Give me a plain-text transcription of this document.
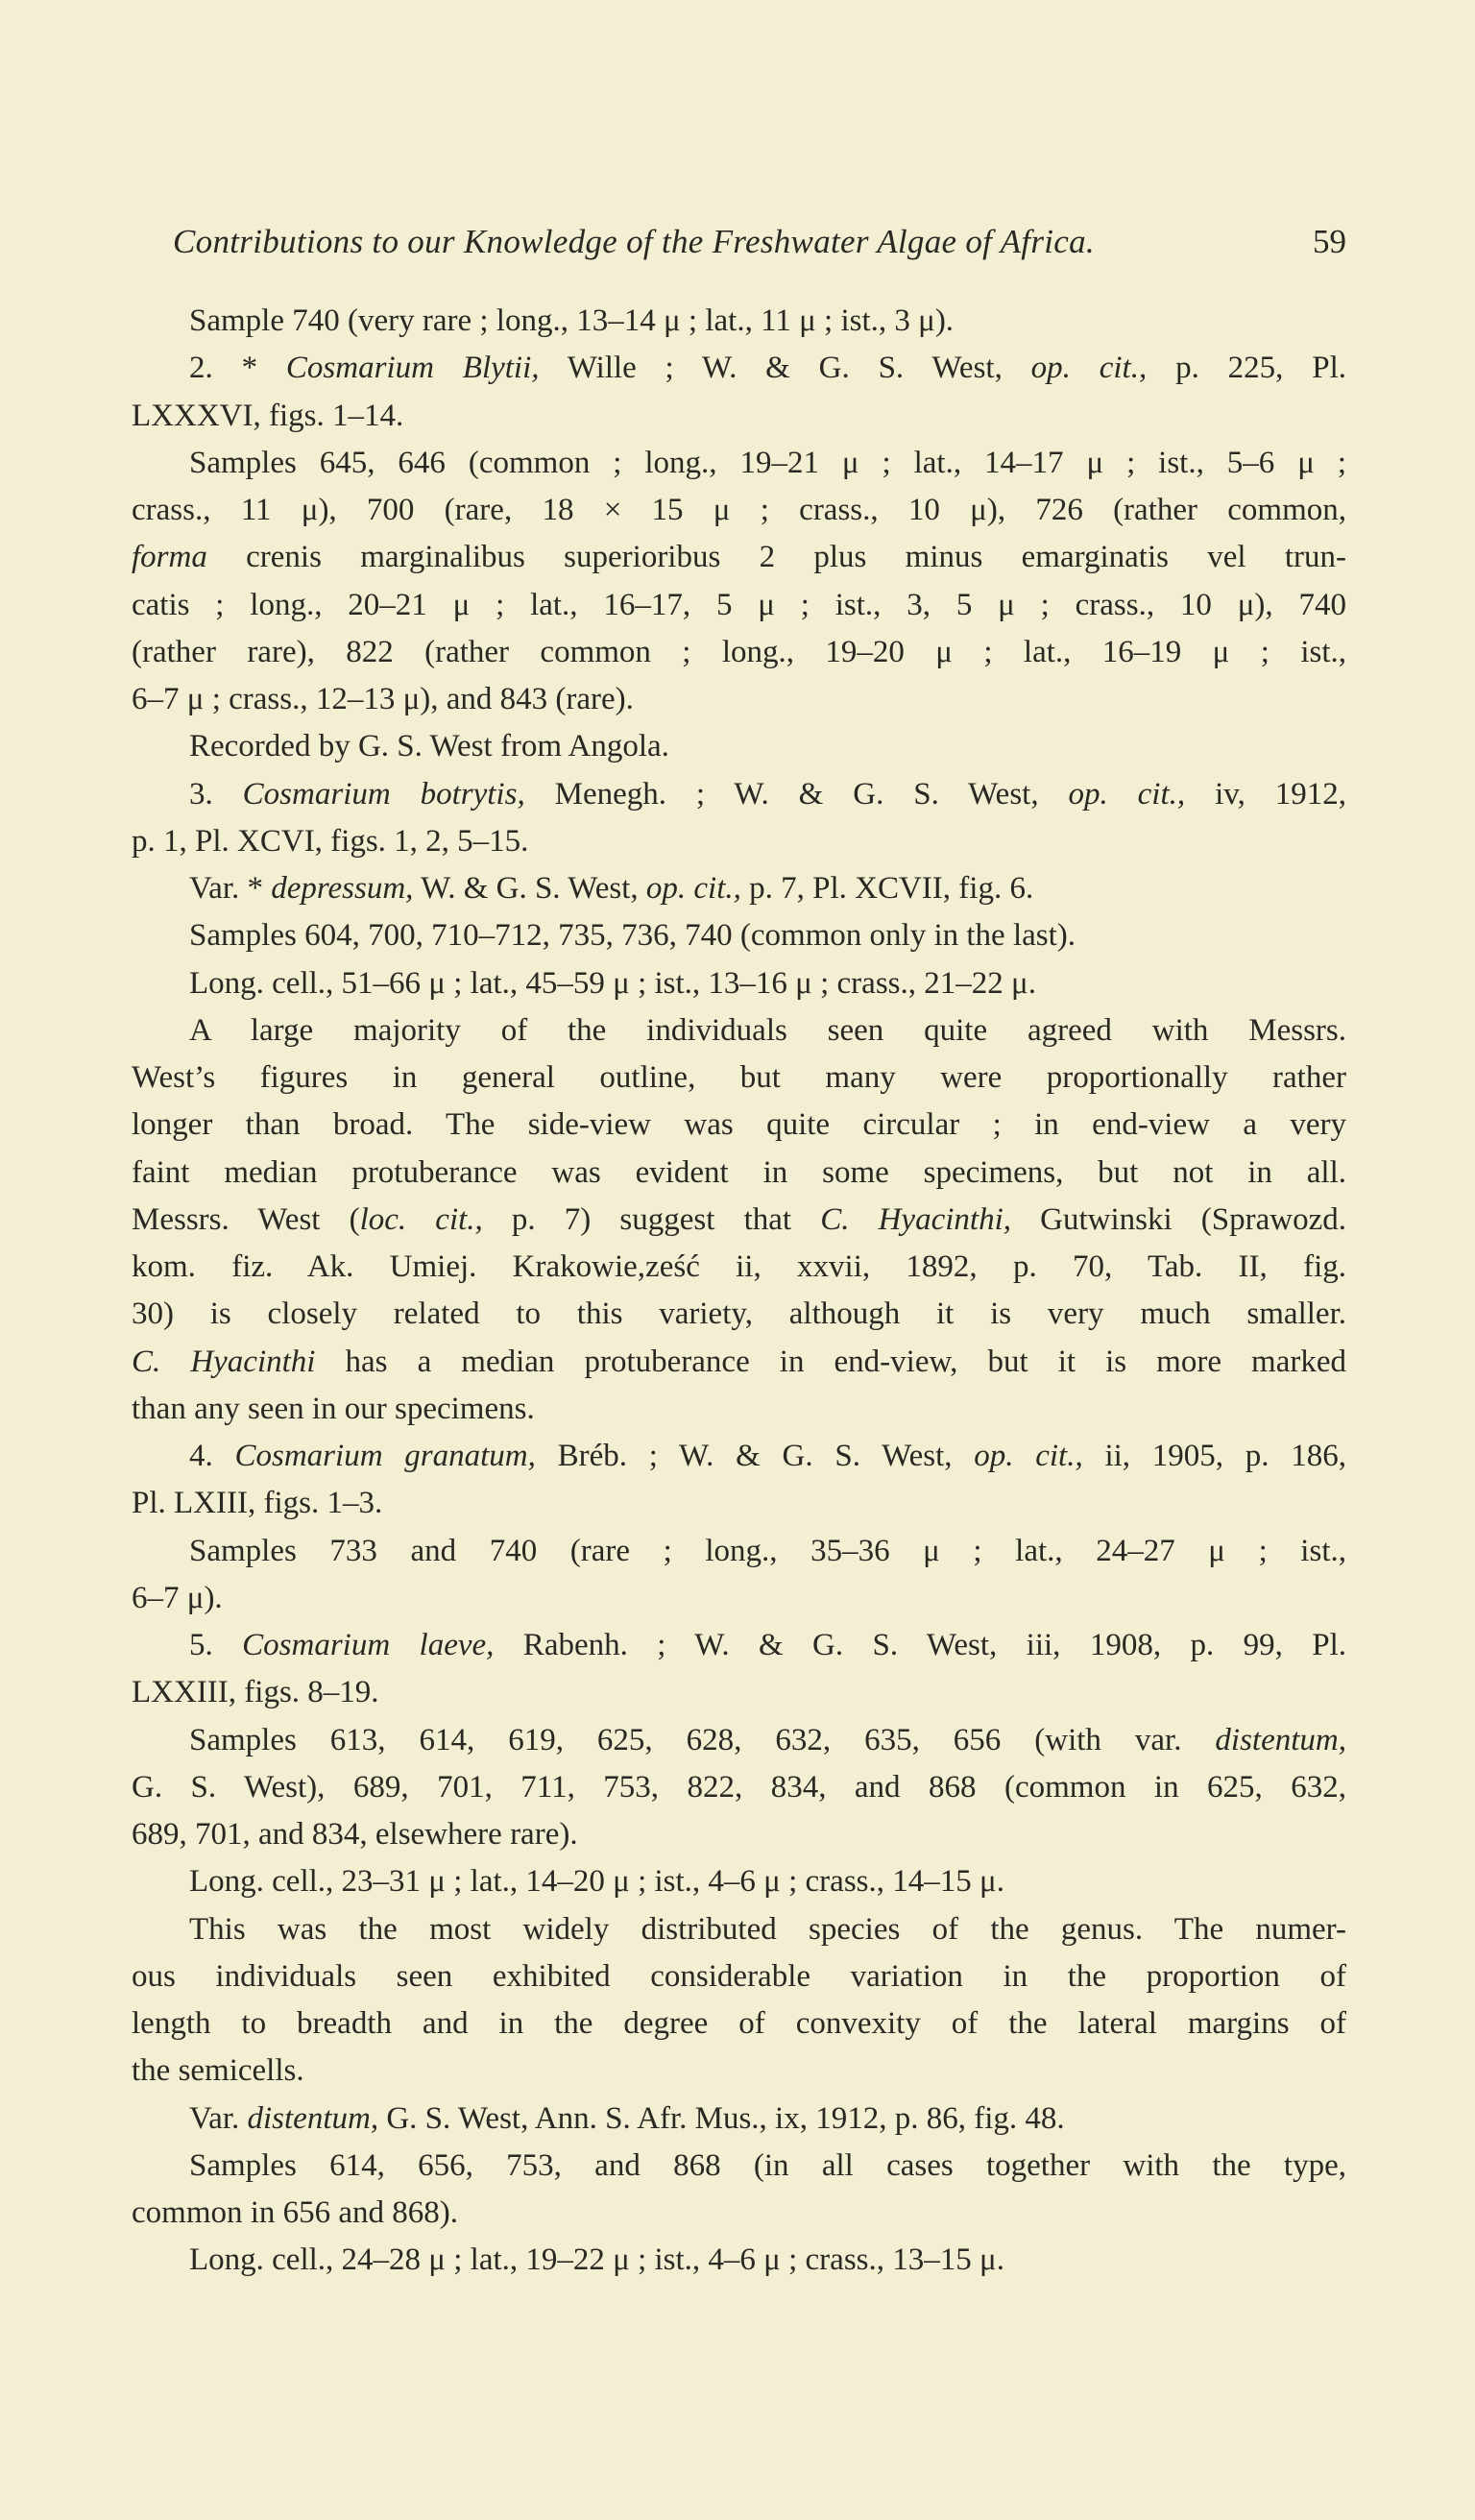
Contributions to our Knowledge of the Freshwater Algae of Africa.	59
Sample 740 (very rare ; long., 13–14 μ ; lat., 11 μ ; ist., 3 μ).
2. * Cosmarium Blytii, Wille ; W. & G. S. West, op. cit., p. 225, Pl.
LXXXVI, figs. 1–14.
Samples 645, 646 (common ; long., 19–21 μ ; lat., 14–17 μ ; ist., 5–6 μ ;
crass., 11 μ), 700 (rare, 18 × 15 μ ; crass., 10 μ), 726 (rather common,
forma crenis marginalibus superioribus 2 plus minus emarginatis vel trun-
catis ; long., 20–21 μ ; lat., 16–17, 5 μ ; ist., 3, 5 μ ; crass., 10 μ), 740
(rather rare), 822 (rather common ; long., 19–20 μ ; lat., 16–19 μ ; ist.,
6–7 μ ; crass., 12–13 μ), and 843 (rare).
Recorded by G. S. West from Angola.
3. Cosmarium botrytis, Menegh. ; W. & G. S. West, op. cit., iv, 1912,
p. 1, Pl. XCVI, figs. 1, 2, 5–15.
Var. * depressum, W. & G. S. West, op. cit., p. 7, Pl. XCVII, fig. 6.
Samples 604, 700, 710–712, 735, 736, 740 (common only in the last).
Long. cell., 51–66 μ ; lat., 45–59 μ ; ist., 13–16 μ ; crass., 21–22 μ.
A large majority of the individuals seen quite agreed with Messrs.
West’s figures in general outline, but many were proportionally rather
longer than broad. The side-view was quite circular ; in end-view a very
faint median protuberance was evident in some specimens, but not in all.
Messrs. West (loc. cit., p. 7) suggest that C. Hyacinthi, Gutwinski (Sprawozd.
kom. fiz. Ak. Umiej. Krakowie,ześć ii, xxvii, 1892, p. 70, Tab. II, fig.
30) is closely related to this variety, although it is very much smaller.
C. Hyacinthi has a median protuberance in end-view, but it is more marked
than any seen in our specimens.
4. Cosmarium granatum, Bréb. ; W. & G. S. West, op. cit., ii, 1905, p. 186,
Pl. LXIII, figs. 1–3.
Samples 733 and 740 (rare ; long., 35–36 μ ; lat., 24–27 μ ; ist.,
6–7 μ).
5. Cosmarium laeve, Rabenh. ; W. & G. S. West, iii, 1908, p. 99, Pl.
LXXIII, figs. 8–19.
Samples 613, 614, 619, 625, 628, 632, 635, 656 (with var. distentum,
G. S. West), 689, 701, 711, 753, 822, 834, and 868 (common in 625, 632,
689, 701, and 834, elsewhere rare).
Long. cell., 23–31 μ ; lat., 14–20 μ ; ist., 4–6 μ ; crass., 14–15 μ.
This was the most widely distributed species of the genus. The numer-
ous individuals seen exhibited considerable variation in the proportion of
length to breadth and in the degree of convexity of the lateral margins of
the semicells.
Var. distentum, G. S. West, Ann. S. Afr. Mus., ix, 1912, p. 86, fig. 48.
Samples 614, 656, 753, and 868 (in all cases together with the type,
common in 656 and 868).
Long. cell., 24–28 μ ; lat., 19–22 μ ; ist., 4–6 μ ; crass., 13–15 μ.
